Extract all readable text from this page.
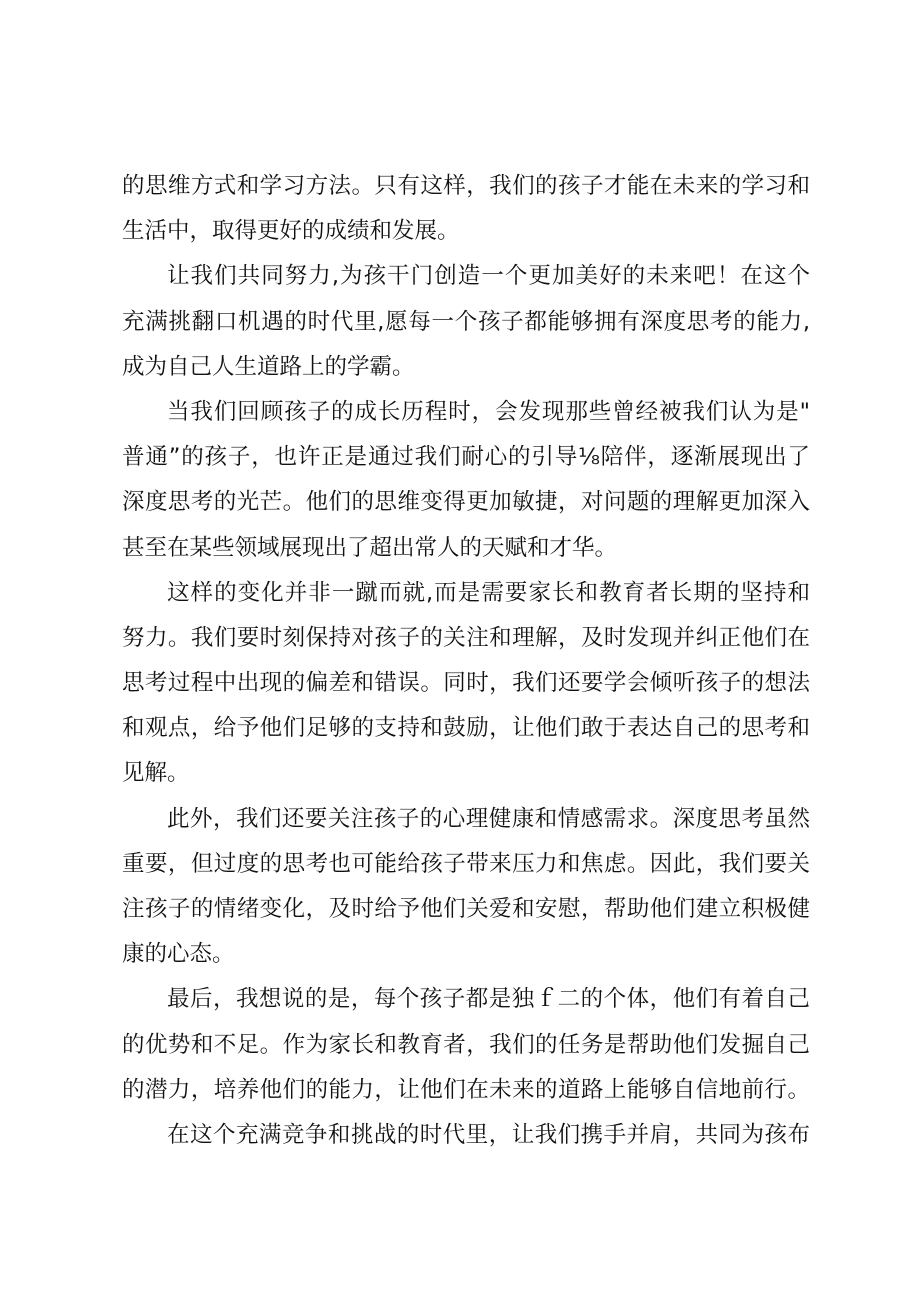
的思维方式和学习方法。只有这样，我们的孩子才能在未来的学习和
生活中，取得更好的成绩和发展。
让我们共同努力,为孩干门创造一个更加美好的未来吧！在这个
充满挑翻口机遇的时代里,愿每一个孩子都能够拥有深度思考的能力,
成为自己人生道路上的学霸。
当我们回顾孩子的成长历程时，会发现那些曾经被我们认为是"
普通”的孩子，也许正是通过我们耐心的引导⅛陪伴，逐渐展现出了
深度思考的光芒。他们的思维变得更加敏捷，对问题的理解更加深入
甚至在某些领域展现出了超出常人的天赋和才华。
这样的变化并非一蹴而就,而是需要家长和教育者长期的坚持和
努力。我们要时刻保持对孩子的关注和理解，及时发现并纠正他们在
思考过程中出现的偏差和错误。同时，我们还要学会倾听孩子的想法
和观点，给予他们足够的支持和鼓励，让他们敢于表达自己的思考和
见解。
此外，我们还要关注孩子的心理健康和情感需求。深度思考虽然
重要，但过度的思考也可能给孩子带来压力和焦虑。因此，我们要关
注孩子的情绪变化，及时给予他们关爱和安慰，帮助他们建立积极健
康的心态。
最后，我想说的是，每个孩子都是独ｆ二的个体，他们有着自己
的优势和不足。作为家长和教育者，我们的任务是帮助他们发掘自己
的潜力，培养他们的能力，让他们在未来的道路上能够自信地前行。
在这个充满竞争和挑战的时代里，让我们携手并肩，共同为孩布
